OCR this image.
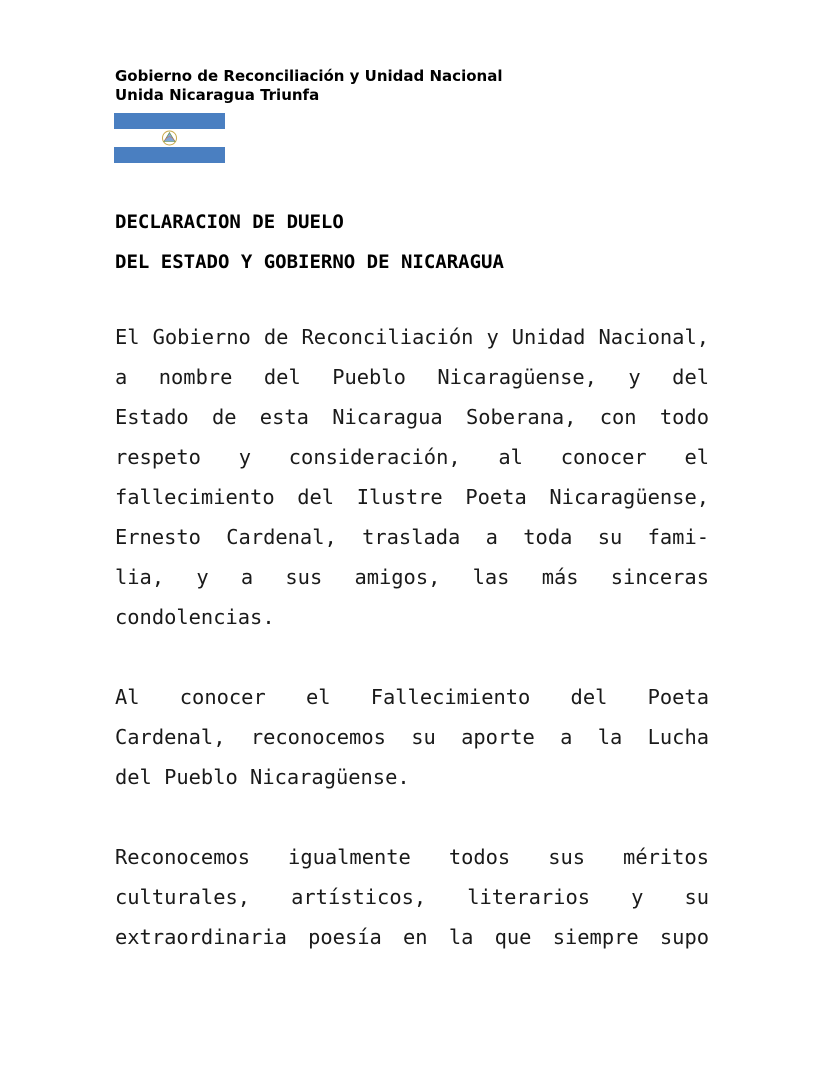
Gobierno de Reconciliación y Unidad Nacional
Unida Nicaragua Triunfa
DECLARACION DE DUELO
DEL ESTADO Y GOBIERNO DE NICARAGUA
El Gobierno de Reconciliación y Unidad Nacional,
a nombre del Pueblo Nicaragüense, y del
Estado de esta Nicaragua Soberana, con todo
respeto y consideración, al conocer el
fallecimiento del Ilustre Poeta Nicaragüense,
Ernesto Cardenal, traslada a toda su fami-
lia, y a sus amigos, las más sinceras
condolencias.
Al conocer el Fallecimiento del Poeta
Cardenal, reconocemos su aporte a la Lucha
del Pueblo Nicaragüense.
Reconocemos igualmente todos sus méritos
culturales, artísticos, literarios y su
extraordinaria poesía en la que siempre supo
